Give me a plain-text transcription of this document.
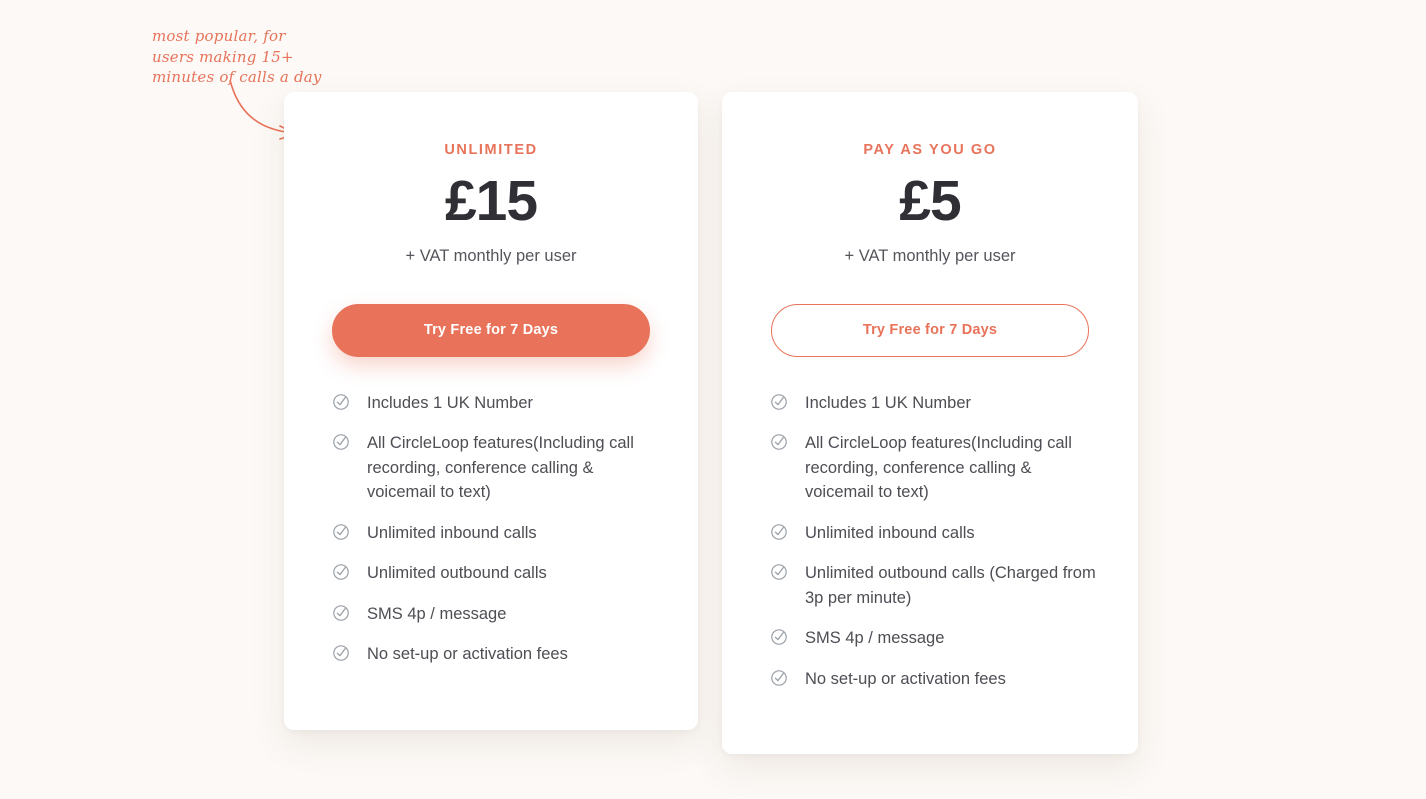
most popular, for users making 15+ minutes of calls a day
UNLIMITED
£15
+ VAT monthly per user
Try Free for 7 Days
Includes 1 UK Number
All CircleLoop features(Including call recording, conference calling & voicemail to text)
Unlimited inbound calls
Unlimited outbound calls
SMS 4p / message
No set-up or activation fees
PAY AS YOU GO
£5
+ VAT monthly per user
Try Free for 7 Days
Includes 1 UK Number
All CircleLoop features(Including call recording, conference calling & voicemail to text)
Unlimited inbound calls
Unlimited outbound calls (Charged from 3p per minute)
SMS 4p / message
No set-up or activation fees
